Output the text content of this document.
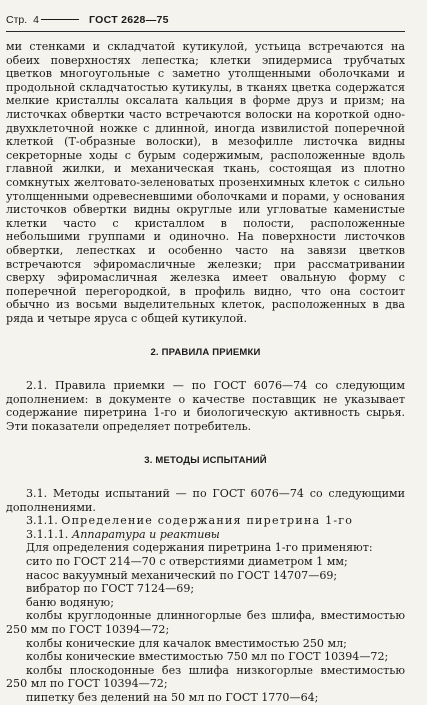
Стр. 4	ГОСТ 2628—75

ми стенками и складчатой кутикулой, устьица встречаются на обеих поверхностях лепестка; клетки эпидермиса трубчатых цветков многоугольные с заметно утолщенными оболочками и продольной складчатостью кутикулы, в тканях цветка содержатся мелкие кристаллы оксалата кальция в форме друз и призм; на листочках обвертки часто встречаются волоски на короткой одно-двухклеточной ножке с длинной, иногда извилистой поперечной клеткой (Т-образные волоски), в мезофилле листочка видны секреторные ходы с бурым содержимым, расположенные вдоль главной жилки, и механическая ткань, состоящая из плотно сомкнутых желтовато-зеленоватых прозенхимных клеток с сильно утолщенными одревесневшими оболочками и порами, у основания листочков обвертки видны округлые или угловатые каменистые клетки часто с кристаллом в полости, расположенные небольшими группами и одиночно. На поверхности листочков обвертки, лепестках и особенно часто на завязи цветков встречаются эфиромасличные железки; при рассматривании сверху эфиромасличная железка имеет овальную форму с поперечной перегородкой, в профиль видно, что она состоит обычно из восьми выделительных клеток, расположенных в два ряда и четыре яруса с общей кутикулой.

2. ПРАВИЛА ПРИЕМКИ

2.1. Правила приемки — по ГОСТ 6076—74 со следующим дополнением: в документе о качестве поставщик не указывает содержание пиретрина 1-го и биологическую активность сырья. Эти показатели определяет потребитель.

3. МЕТОДЫ ИСПЫТАНИЙ

3.1. Методы испытаний — по ГОСТ 6076—74 со следующими дополнениями.

3.1.1. Определение содержания пиретрина 1-го

3.1.1.1. Аппаратура и реактивы

Для определения содержания пиретрина 1-го применяют:

сито по ГОСТ 214—70 с отверстиями диаметром 1 мм;

насос вакуумный механический по ГОСТ 14707—69;

вибратор по ГОСТ 7124—69;

баню водяную;

колбы круглодонные длинногорлые без шлифа, вместимостью

250 мм по ГОСТ 10394—72;

колбы конические для качалок вместимостью 250 мл;

колбы конические вместимостью 750 мл по ГОСТ 10394—72;

колбы плоскодонные без шлифа низкогорлые вместимостью

250 мл по ГОСТ 10394—72;

пипетку без делений на 50 мл по ГОСТ 1770—64;
